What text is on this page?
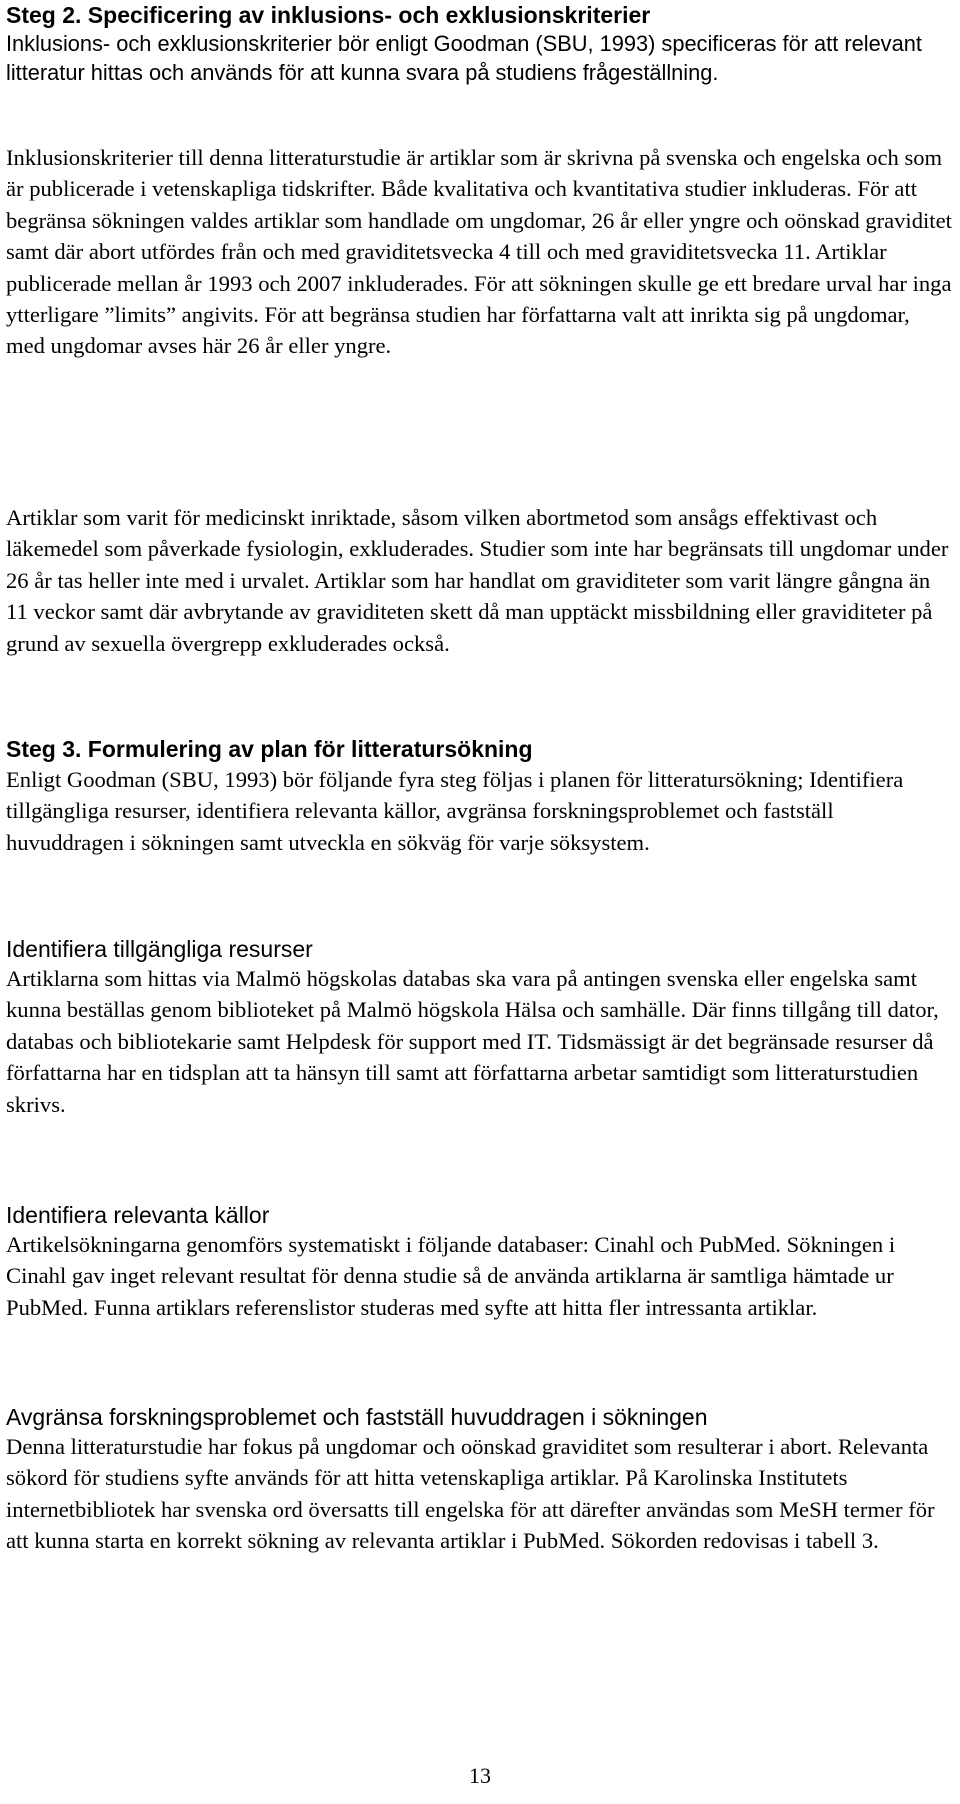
Steg 2. Specificering av inklusions- och exklusionskriterier

Inklusions- och exklusionskriterier bör enligt Goodman (SBU, 1993) specificeras för att relevant litteratur hittas och används för att kunna svara på studiens frågeställning.

Inklusionskriterier till denna litteraturstudie är artiklar som är skrivna på svenska och engelska och som är publicerade i vetenskapliga tidskrifter. Både kvalitativa och kvantitativa studier inkluderas. För att begränsa sökningen valdes artiklar som handlade om ungdomar, 26 år eller yngre och oönskad graviditet samt där abort utfördes från och med graviditetsvecka 4 till och med graviditetsvecka 11. Artiklar publicerade mellan år 1993 och 2007 inkluderades. För att sökningen skulle ge ett bredare urval har inga ytterligare ”limits” angivits. För att begränsa studien har författarna valt att inrikta sig på ungdomar, med ungdomar avses här 26 år eller yngre.

Artiklar som varit för medicinskt inriktade, såsom vilken abortmetod som ansågs effektivast och läkemedel som påverkade fysiologin, exkluderades. Studier som inte har begränsats till ungdomar under 26 år tas heller inte med i urvalet. Artiklar som har handlat om graviditeter som varit längre gångna än 11 veckor samt där avbrytande av graviditeten skett då man upptäckt missbildning eller graviditeter på grund av sexuella övergrepp exkluderades också.

Steg 3. Formulering av plan för litteratursökning

Enligt Goodman (SBU, 1993) bör följande fyra steg följas i planen för litteratursökning; Identifiera tillgängliga resurser, identifiera relevanta källor, avgränsa forskningsproblemet och fastställ huvuddragen i sökningen samt utveckla en sökväg för varje söksystem.

Identifiera tillgängliga resurser

Artiklarna som hittas via Malmö högskolas databas ska vara på antingen svenska eller engelska samt kunna beställas genom biblioteket på Malmö högskola Hälsa och samhälle. Där finns tillgång till dator, databas och bibliotekarie samt Helpdesk för support med IT. Tidsmässigt är det begränsade resurser då författarna har en tidsplan att ta hänsyn till samt att författarna arbetar samtidigt som litteraturstudien skrivs.

Identifiera relevanta källor

Artikelsökningarna genomförs systematiskt i följande databaser: Cinahl och PubMed. Sökningen i Cinahl gav inget relevant resultat för denna studie så de använda artiklarna är samtliga hämtade ur PubMed. Funna artiklars referenslistor studeras med syfte att hitta fler intressanta artiklar.

Avgränsa forskningsproblemet och fastställ huvuddragen i sökningen

Denna litteraturstudie har fokus på ungdomar och oönskad graviditet som resulterar i abort. Relevanta sökord för studiens syfte används för att hitta vetenskapliga artiklar. På Karolinska Institutets internetbibliotek har svenska ord översatts till engelska för att därefter användas som MeSH termer för att kunna starta en korrekt sökning av relevanta artiklar i PubMed. Sökorden redovisas i tabell 3.

13
